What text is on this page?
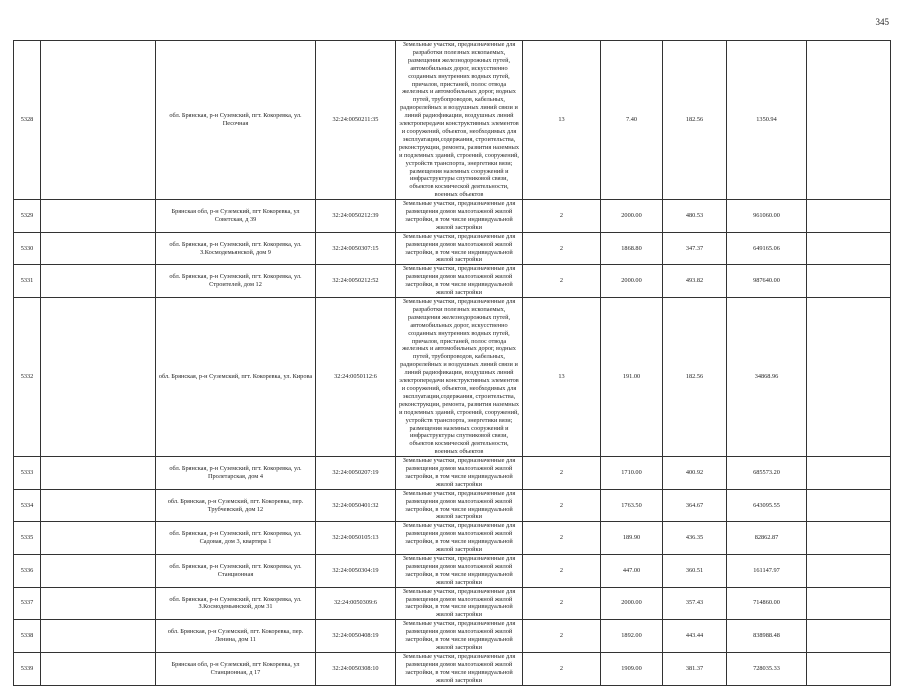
345
5328		обл. Брянская, р-н Суземский, пгт. Кокоревка, ул. Песочная	32:24:0050211:35	Земельные участки, предназначенные для разработки полезных ископаемых, размещения железнодорожных путей, автомобильных дорог, искусственно созданных внутренних водных путей, причалов, пристаней, полос отвода железных и автомобильных дорог, водных путей, трубопроводов, кабельных, радиорелейных и воздушных линий связи и линий радиофикации, воздушных линий электропередачи конструктивных элементов и сооружений, объектов, необходимых для эксплуатации,содержания, строительства, реконструкции, ремонта, развития наземных и подземных зданий, строений, сооружений, устройств транспорта, энергетики вязи; размещения наземных сооружений и инфраструктуры спутниковой связи, объектов космической деятельности, военных объектов	13	7.40	182.56	1350.94	
5329		Брянская обл, р-н Суземский, пгт Кокоревка, ул Советская, д 39	32:24:0050212:39	Земельные участки, предназначенные для размещения домов малоэтажной жилой застройки, в том числе индивидуальной жилой застройки	2	2000.00	480.53	961060.00	
5330		обл. Брянская, р-н Суземский, пгт. Кокоревка, ул. З.Космодемьянской, дом 9	32:24:0050307:15	Земельные участки, предназначенные для размещения домов малоэтажной жилой застройки, в том числе индивидуальной жилой застройки	2	1868.80	347.37	649165.06	
5331		обл. Брянская, р-н Суземский, пгт. Кокоревка, ул. Строителей, дом 12	32:24:0050212:52	Земельные участки, предназначенные для размещения домов малоэтажной жилой застройки, в том числе индивидуальной жилой застройки	2	2000.00	493.82	987640.00	
5332		обл. Брянская, р-н Суземский, пгт. Кокоревка, ул. Кирова	32:24:0050112:6	Земельные участки, предназначенные для разработки полезных ископаемых, размещения железнодорожных путей, автомобильных дорог, искусственно созданных внутренних водных путей, причалов, пристаней, полос отвода железных и автомобильных дорог, водных путей, трубопроводов, кабельных, радиорелейных и воздушных линий связи и линий радиофикации, воздушных линий электропередачи конструктивных элементов и сооружений, объектов, необходимых для эксплуатации,содержания, строительства, реконструкции, ремонта, развития наземных и подземных зданий, строений, сооружений, устройств транспорта, энергетики вязи; размещения наземных сооружений и инфраструктуры спутниковой связи, объектов космической деятельности, военных объектов	13	191.00	182.56	34868.96	
5333		обл. Брянская, р-н Суземский, пгт. Кокоревка, ул. Пролетарская, дом 4	32:24:0050207:19	Земельные участки, предназначенные для размещения домов малоэтажной жилой застройки, в том числе индивидуальной жилой застройки	2	1710.00	400.92	685573.20	
5334		обл. Брянская, р-н Суземский, пгт. Кокоревка, пер. Трубчевский, дом 12	32:24:0050401:32	Земельные участки, предназначенные для размещения домов малоэтажной жилой застройки, в том числе индивидуальной жилой застройки	2	1763.50	364.67	643095.55	
5335		обл. Брянская, р-н Суземский, пгт. Кокоревка, ул. Садовая, дом 3, квартира 1	32:24:0050105:13	Земельные участки, предназначенные для размещения домов малоэтажной жилой застройки, в том числе индивидуальной жилой застройки	2	189.90	436.35	82862.87	
5336		обл. Брянская, р-н Суземский, пгт. Кокоревка, ул. Станционная	32:24:0050304:19	Земельные участки, предназначенные для размещения домов малоэтажной жилой застройки, в том числе индивидуальной жилой застройки	2	447.00	360.51	161147.97	
5337		обл. Брянская, р-н Суземский, пгт. Кокоревка, ул. З.Космодемьянской, дом 31	32:24:0050309:6	Земельные участки, предназначенные для размещения домов малоэтажной жилой застройки, в том числе индивидуальной жилой застройки	2	2000.00	357.43	714860.00	
5338		обл. Брянская, р-н Суземский, пгт. Кокоревка, пер. Ленина, дом 11	32:24:0050408:19	Земельные участки, предназначенные для размещения домов малоэтажной жилой застройки, в том числе индивидуальной жилой застройки	2	1892.00	443.44	838988.48	
5339		Брянская обл, р-н Суземский, пгт Кокоревка, ул Станционная, д 17	32:24:0050308:10	Земельные участки, предназначенные для размещения домов малоэтажной жилой застройки, в том числе индивидуальной жилой застройки	2	1909.00	381.37	728035.33	
